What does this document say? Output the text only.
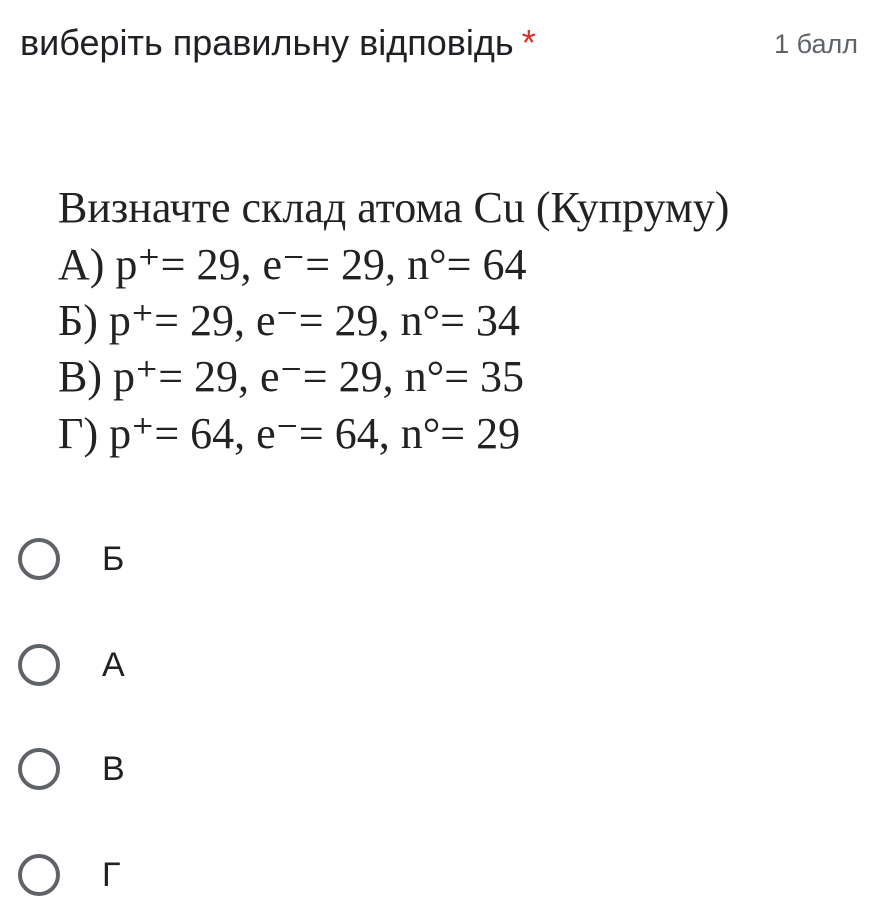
виберіть правильну відповідь *	1 балл
Визначте склад атома Cu (Купруму)
А) p⁺= 29, e⁻= 29, n°= 64
Б) p⁺= 29, e⁻= 29, n°= 34
В) p⁺= 29, e⁻= 29, n°= 35
Г) p⁺= 64, e⁻= 64, n°= 29
Б
А
В
Г
